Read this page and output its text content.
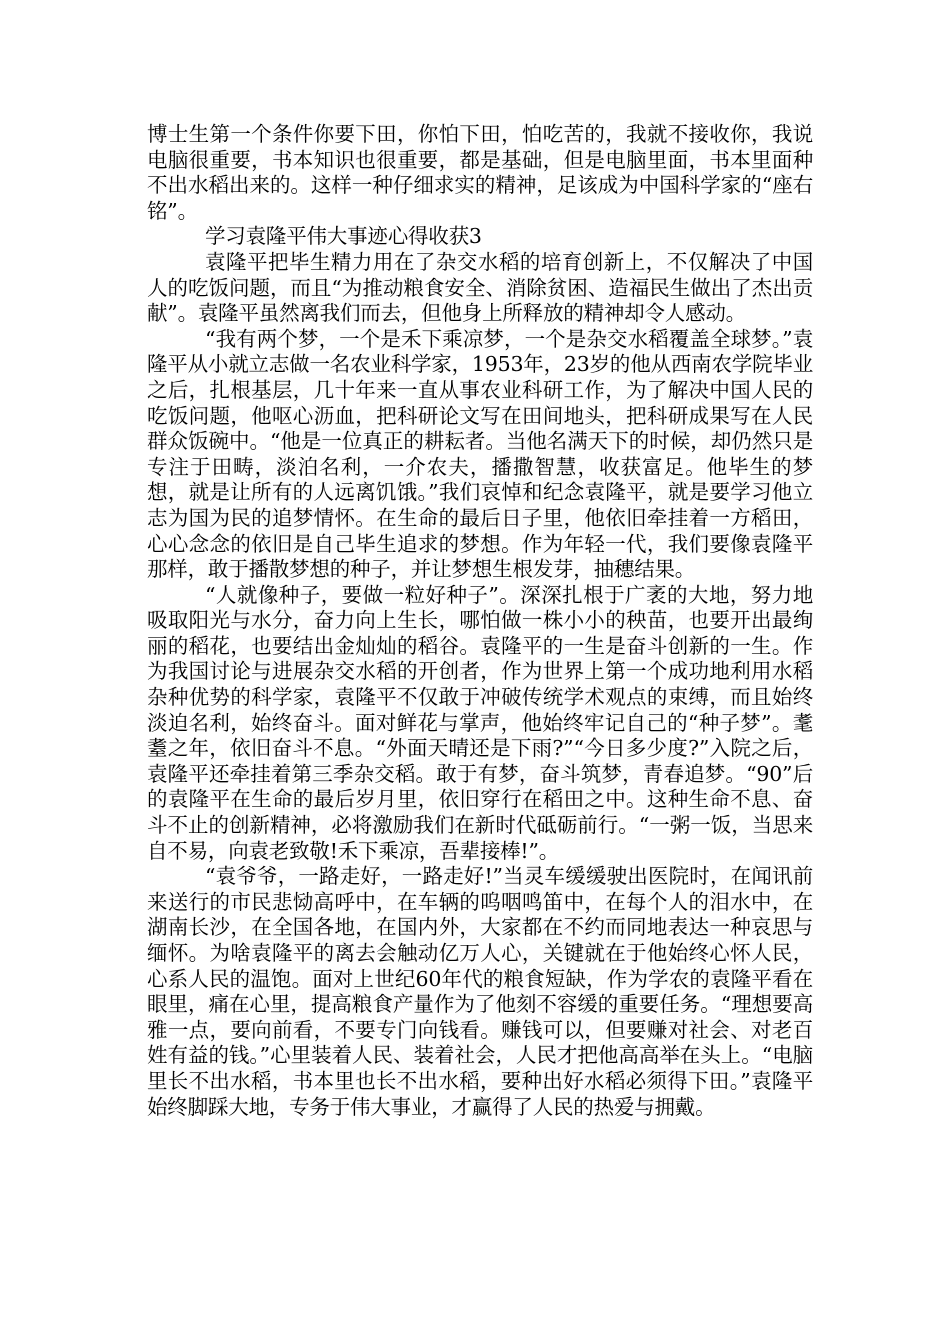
博士生第一个条件你要下田，你怕下田，怕吃苦的，我就不接收你，我说电脑很重要，书本知识也很重要，都是基础，但是电脑里面，书本里面种不出水稻出来的。这样一种仔细求实的精神，足该成为中国科学家的“座右铭”。

学习袁隆平伟大事迹心得收获3

袁隆平把毕生精力用在了杂交水稻的培育创新上，不仅解决了中国人的吃饭问题，而且“为推动粮食安全、消除贫困、造福民生做出了杰出贡献”。袁隆平虽然离我们而去，但他身上所释放的精神却令人感动。

“我有两个梦，一个是禾下乘凉梦，一个是杂交水稻覆盖全球梦。”袁隆平从小就立志做一名农业科学家，1953年，23岁的他从西南农学院毕业之后，扎根基层，几十年来一直从事农业科研工作，为了解决中国人民的吃饭问题，他呕心沥血，把科研论文写在田间地头，把科研成果写在人民群众饭碗中。“他是一位真正的耕耘者。当他名满天下的时候，却仍然只是专注于田畴，淡泊名利，一介农夫，播撒智慧，收获富足。他毕生的梦想，就是让所有的人远离饥饿。”我们哀悼和纪念袁隆平，就是要学习他立志为国为民的追梦情怀。在生命的最后日子里，他依旧牵挂着一方稻田，心心念念的依旧是自己毕生追求的梦想。作为年轻一代，我们要像袁隆平那样，敢于播散梦想的种子，并让梦想生根发芽，抽穗结果。

“人就像种子，要做一粒好种子”。深深扎根于广袤的大地，努力地吸取阳光与水分，奋力向上生长，哪怕做一株小小的秧苗，也要开出最绚丽的稻花，也要结出金灿灿的稻谷。袁隆平的一生是奋斗创新的一生。作为我国讨论与进展杂交水稻的开创者，作为世界上第一个成功地利用水稻杂种优势的科学家，袁隆平不仅敢于冲破传统学术观点的束缚，而且始终淡迫名利，始终奋斗。面对鲜花与掌声，他始终牢记自己的“种子梦”。耄耋之年，依旧奋斗不息。“外面天晴还是下雨?”“今日多少度?”入院之后，袁隆平还牵挂着第三季杂交稻。敢于有梦，奋斗筑梦，青春追梦。“90”后的袁隆平在生命的最后岁月里，依旧穿行在稻田之中。这种生命不息、奋斗不止的创新精神，必将激励我们在新时代砥砺前行。“一粥一饭，当思来自不易，向袁老致敬!禾下乘凉，吾辈接棒!”。

“袁爷爷，一路走好，一路走好!”当灵车缓缓驶出医院时，在闻讯前来送行的市民悲恸高呼中，在车辆的呜咽鸣笛中，在每个人的泪水中，在湖南长沙，在全国各地，在国内外，大家都在不约而同地表达一种哀思与缅怀。为啥袁隆平的离去会触动亿万人心，关键就在于他始终心怀人民，心系人民的温饱。面对上世纪60年代的粮食短缺，作为学农的袁隆平看在眼里，痛在心里，提高粮食产量作为了他刻不容缓的重要任务。“理想要高雅一点，要向前看，不要专门向钱看。赚钱可以，但要赚对社会、对老百姓有益的钱。”心里装着人民、装着社会，人民才把他高高举在头上。“电脑里长不出水稻，书本里也长不出水稻，要种出好水稻必须得下田。”袁隆平始终脚踩大地，专务于伟大事业，才赢得了人民的热爱与拥戴。
